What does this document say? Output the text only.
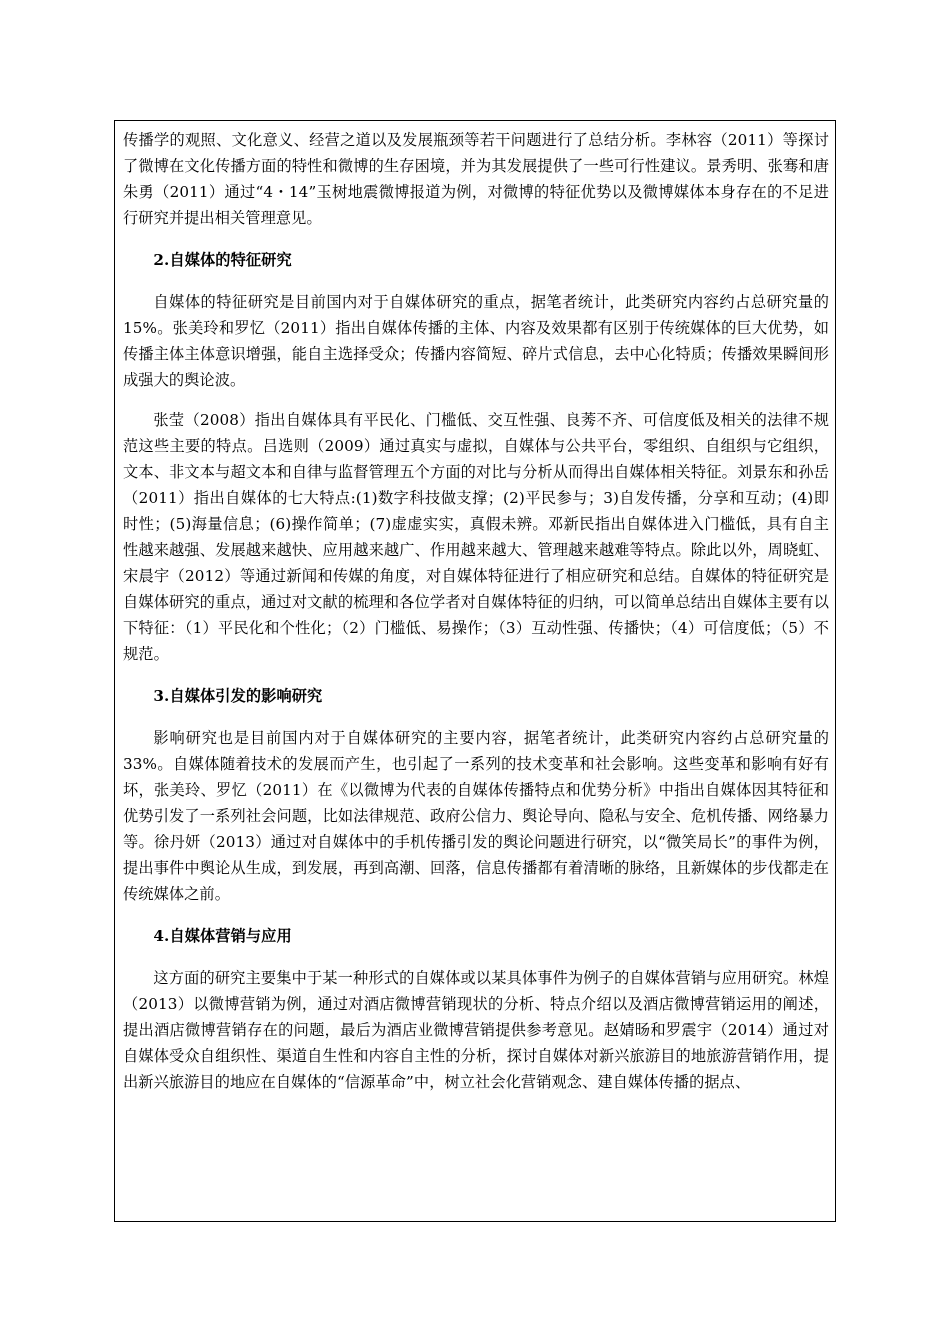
传播学的观照、文化意义、经营之道以及发展瓶颈等若干问题进行了总结分析。李林容（2011）等探讨了微博在文化传播方面的特性和微博的生存困境，并为其发展提供了一些可行性建议。景秀明、张骞和唐朱勇（2011）通过“4・14”玉树地震微博报道为例，对微博的特征优势以及微博媒体本身存在的不足进行研究并提出相关管理意见。

2.自媒体的特征研究

自媒体的特征研究是目前国内对于自媒体研究的重点，据笔者统计，此类研究内容约占总研究量的15%。张美玲和罗忆（2011）指出自媒体传播的主体、内容及效果都有区别于传统媒体的巨大优势，如传播主体主体意识增强，能自主选择受众；传播内容简短、碎片式信息，去中心化特质；传播效果瞬间形成强大的舆论波。

张莹（2008）指出自媒体具有平民化、门槛低、交互性强、良莠不齐、可信度低及相关的法律不规范这些主要的特点。吕选则（2009）通过真实与虚拟，自媒体与公共平台，零组织、自组织与它组织，文本、非文本与超文本和自律与监督管理五个方面的对比与分析从而得出自媒体相关特征。刘景东和孙岳（2011）指出自媒体的七大特点:(1)数字科技做支撑；(2)平民参与；3)自发传播，分享和互动；(4)即时性；(5)海量信息；(6)操作简单；(7)虚虚实实，真假未辨。邓新民指出自媒体进入门槛低，具有自主性越来越强、发展越来越快、应用越来越广、作用越来越大、管理越来越难等特点。除此以外，周晓虹、宋晨宇（2012）等通过新闻和传媒的角度，对自媒体特征进行了相应研究和总结。自媒体的特征研究是自媒体研究的重点，通过对文献的梳理和各位学者对自媒体特征的归纳，可以简单总结出自媒体主要有以下特征：（1）平民化和个性化；（2）门槛低、易操作；（3）互动性强、传播快；（4）可信度低；（5）不规范。

3.自媒体引发的影响研究

影响研究也是目前国内对于自媒体研究的主要内容，据笔者统计，此类研究内容约占总研究量的33%。自媒体随着技术的发展而产生，也引起了一系列的技术变革和社会影响。这些变革和影响有好有坏，张美玲、罗忆（2011）在《以微博为代表的自媒体传播特点和优势分析》中指出自媒体因其特征和优势引发了一系列社会问题，比如法律规范、政府公信力、舆论导向、隐私与安全、危机传播、网络暴力等。徐丹妍（2013）通过对自媒体中的手机传播引发的舆论问题进行研究，以“微笑局长”的事件为例，提出事件中舆论从生成，到发展，再到高潮、回落，信息传播都有着清晰的脉络，且新媒体的步伐都走在传统媒体之前。

4.自媒体营销与应用

这方面的研究主要集中于某一种形式的自媒体或以某具体事件为例子的自媒体营销与应用研究。林煌（2013）以微博营销为例，通过对酒店微博营销现状的分析、特点介绍以及酒店微博营销运用的阐述，提出酒店微博营销存在的问题，最后为酒店业微博营销提供参考意见。赵婧旸和罗震宇（2014）通过对自媒体受众自组织性、渠道自生性和内容自主性的分析，探讨自媒体对新兴旅游目的地旅游营销作用，提出新兴旅游目的地应在自媒体的“信源革命”中，树立社会化营销观念、建自媒体传播的据点、
